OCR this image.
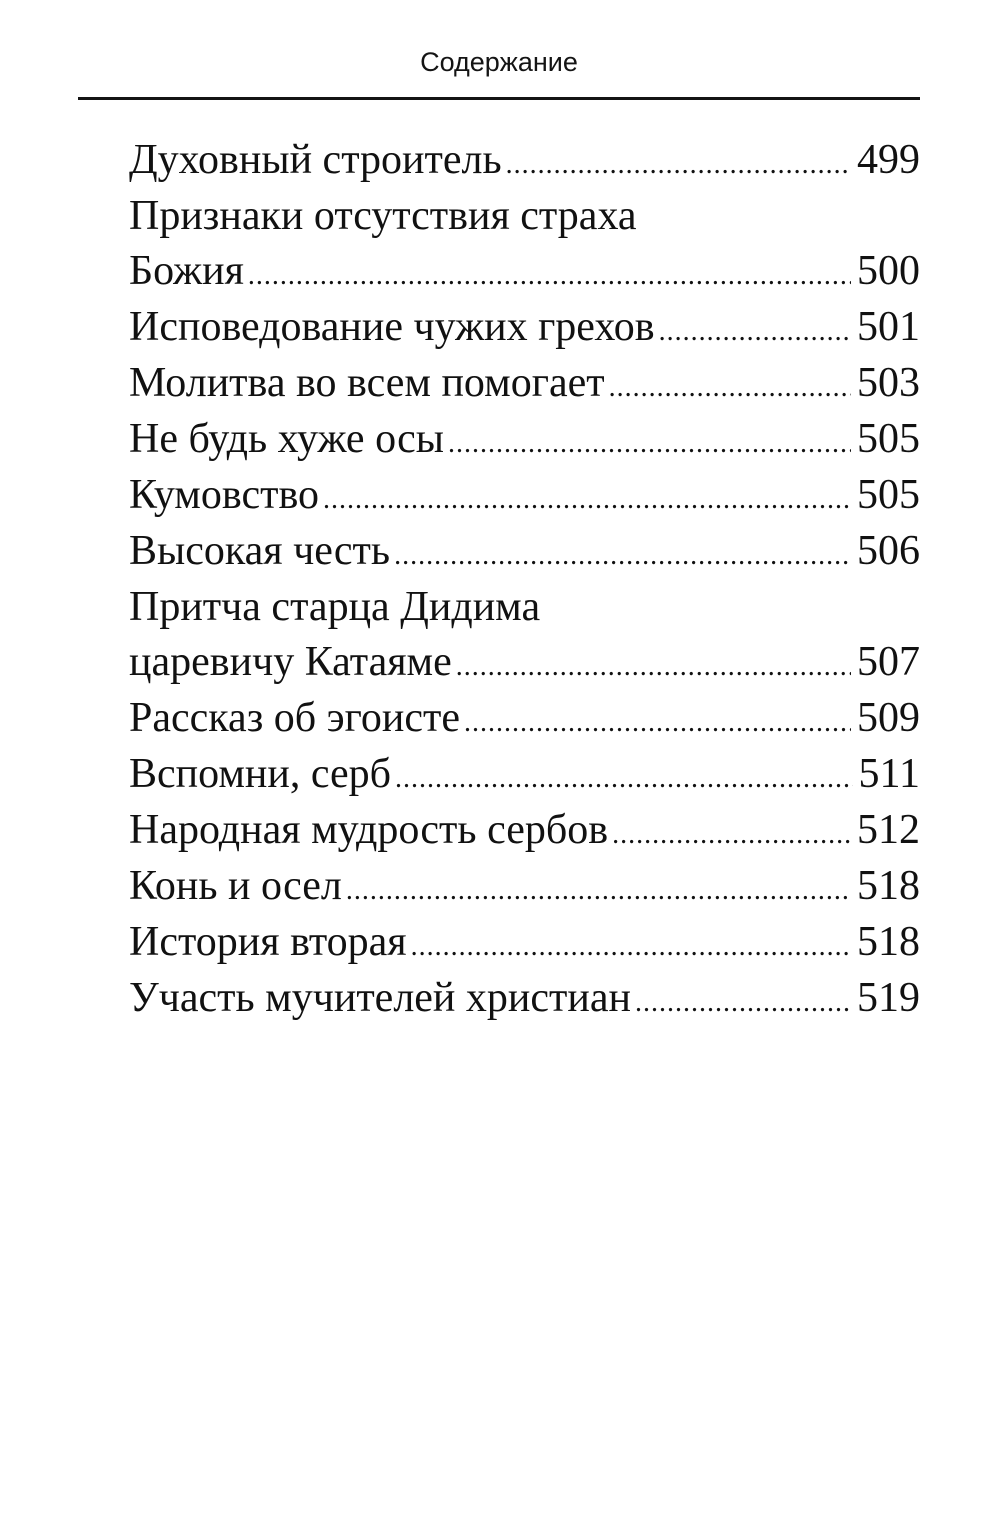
Содержание
Духовный строитель . . .	499
Признаки отсутствия страха
Божия . . .	500
Исповедование чужих грехов . . .	501
Молитва во всем помогает . . .	503
Не будь хуже осы . . .	505
Кумовство . . .	505
Высокая честь . . .	506
Притча старца Дидима
царевичу Катаяме . . .	507
Рассказ об эгоисте . . .	509
Вспомни, серб . . .	511
Народная мудрость сербов . . .	512
Конь и осел . . .	518
История вторая . . .	518
Участь мучителей христиан . . .	519
